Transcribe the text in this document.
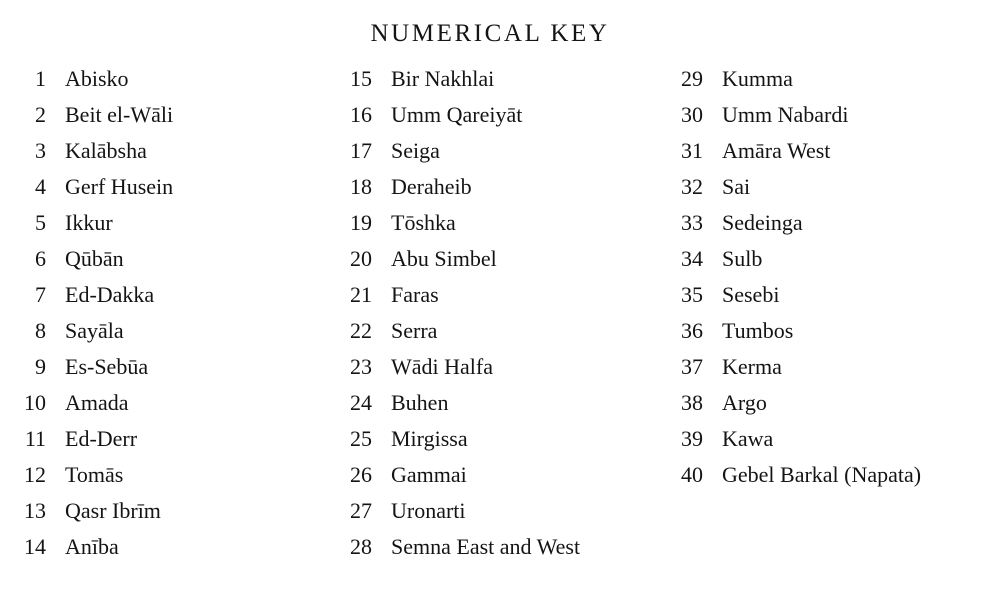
NUMERICAL KEY
1 Abisko
2 Beit el-Wāli
3 Kalābsha
4 Gerf Husein
5 Ikkur
6 Qūbān
7 Ed-Dakka
8 Sayāla
9 Es-Sebūa
10 Amada
11 Ed-Derr
12 Tomās
13 Qasr Ibrīm
14 Anība
15 Bir Nakhlai
16 Umm Qareiyāt
17 Seiga
18 Deraheib
19 Tōshka
20 Abu Simbel
21 Faras
22 Serra
23 Wādi Halfa
24 Buhen
25 Mirgissa
26 Gammai
27 Uronarti
28 Semna East and West
29 Kumma
30 Umm Nabardi
31 Amāra West
32 Sai
33 Sedeinga
34 Sulb
35 Sesebi
36 Tumbos
37 Kerma
38 Argo
39 Kawa
40 Gebel Barkal (Napata)
